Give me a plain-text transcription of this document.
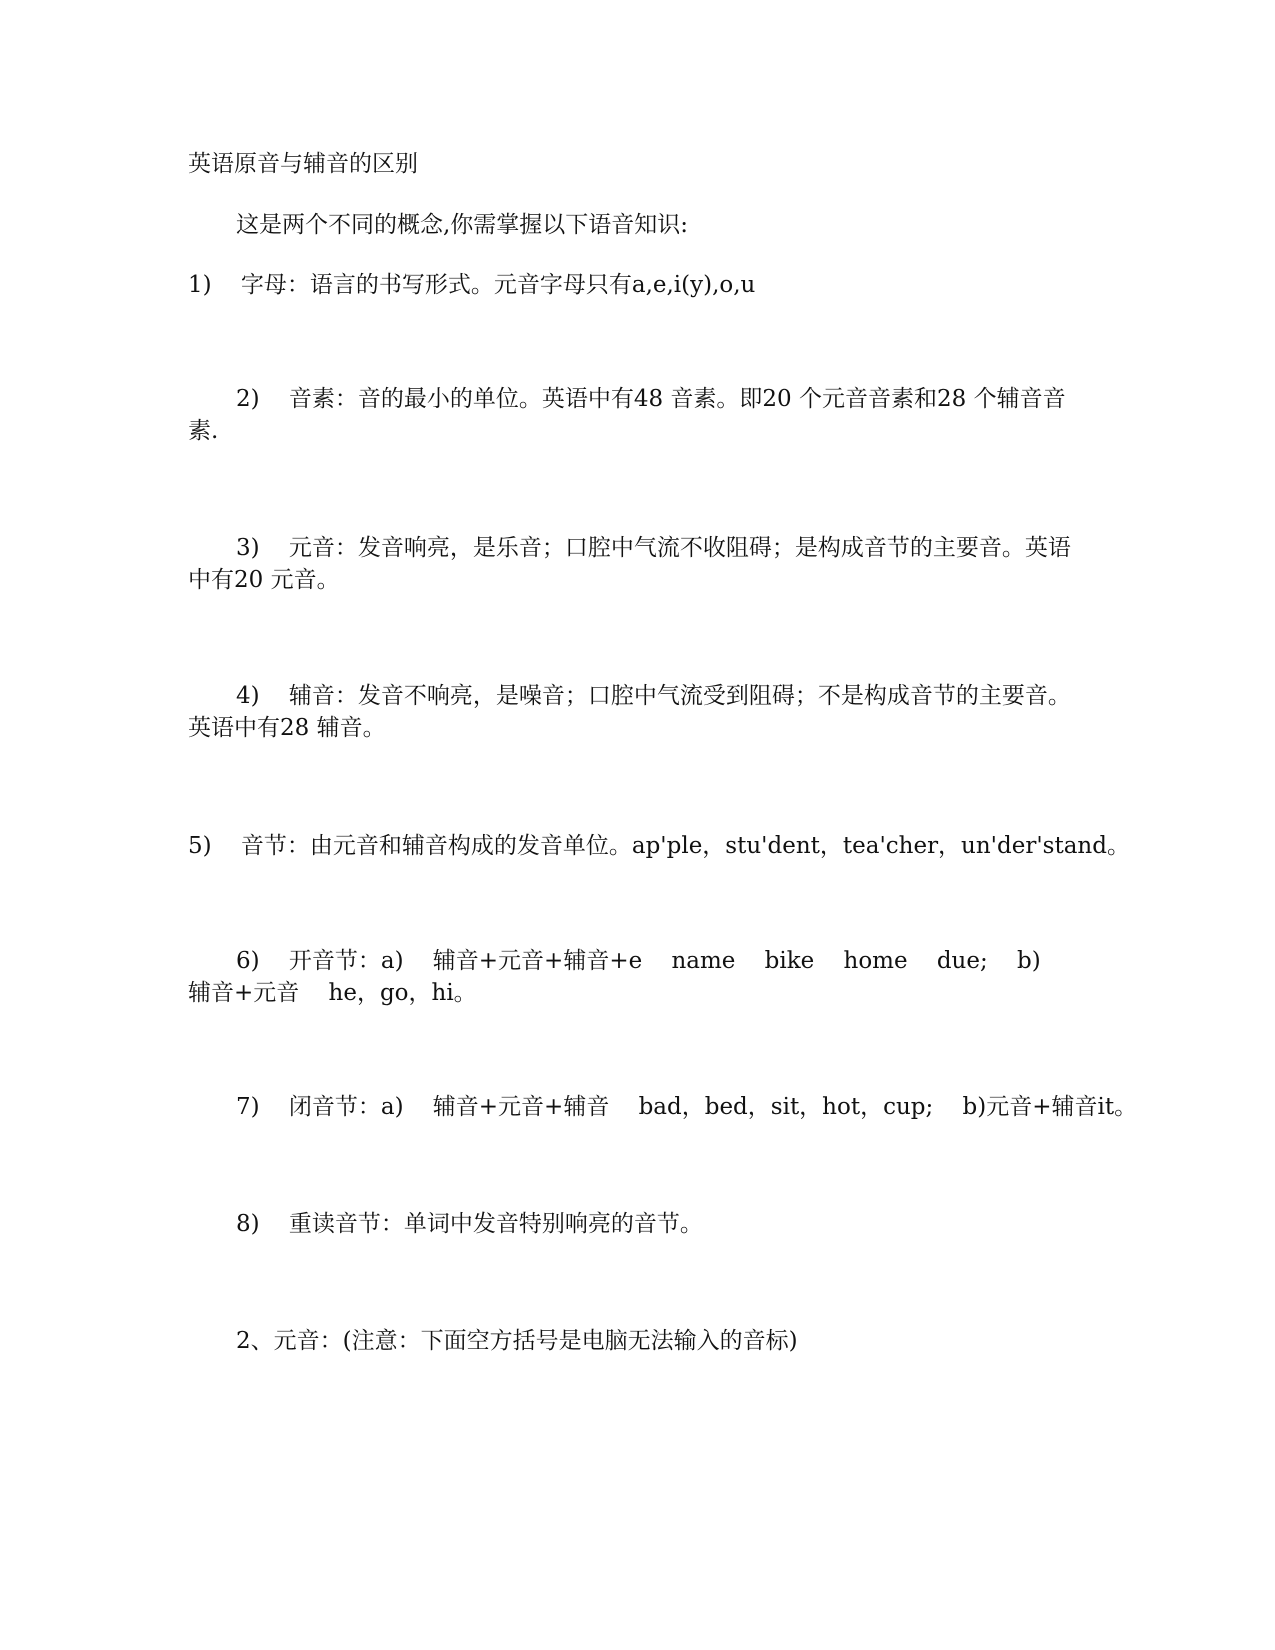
英语原音与辅音的区别
这是两个不同的概念,你需掌握以下语音知识:
1)    字母：语言的书写形式。元音字母只有a,e,i(y),o,u
2)    音素：音的最小的单位。英语中有48 音素。即20 个元音音素和28 个辅音音素.
3)    元音：发音响亮，是乐音；口腔中气流不收阻碍；是构成音节的主要音。英语中有20 元音。
4)    辅音：发音不响亮，是噪音；口腔中气流受到阻碍；不是构成音节的主要音。英语中有28 辅音。
5)    音节：由元音和辅音构成的发音单位。ap'ple，stu'dent，tea'cher，un'der'stand。
6)    开音节：a)    辅音+元音+辅音+e    name    bike    home    due;    b)    辅音+元音    he，go，hi。
7)    闭音节：a)    辅音+元音+辅音    bad，bed，sit，hot，cup;    b)元音+辅音it。
8)    重读音节：单词中发音特别响亮的音节。
2、元音：(注意：下面空方括号是电脑无法输入的音标)
